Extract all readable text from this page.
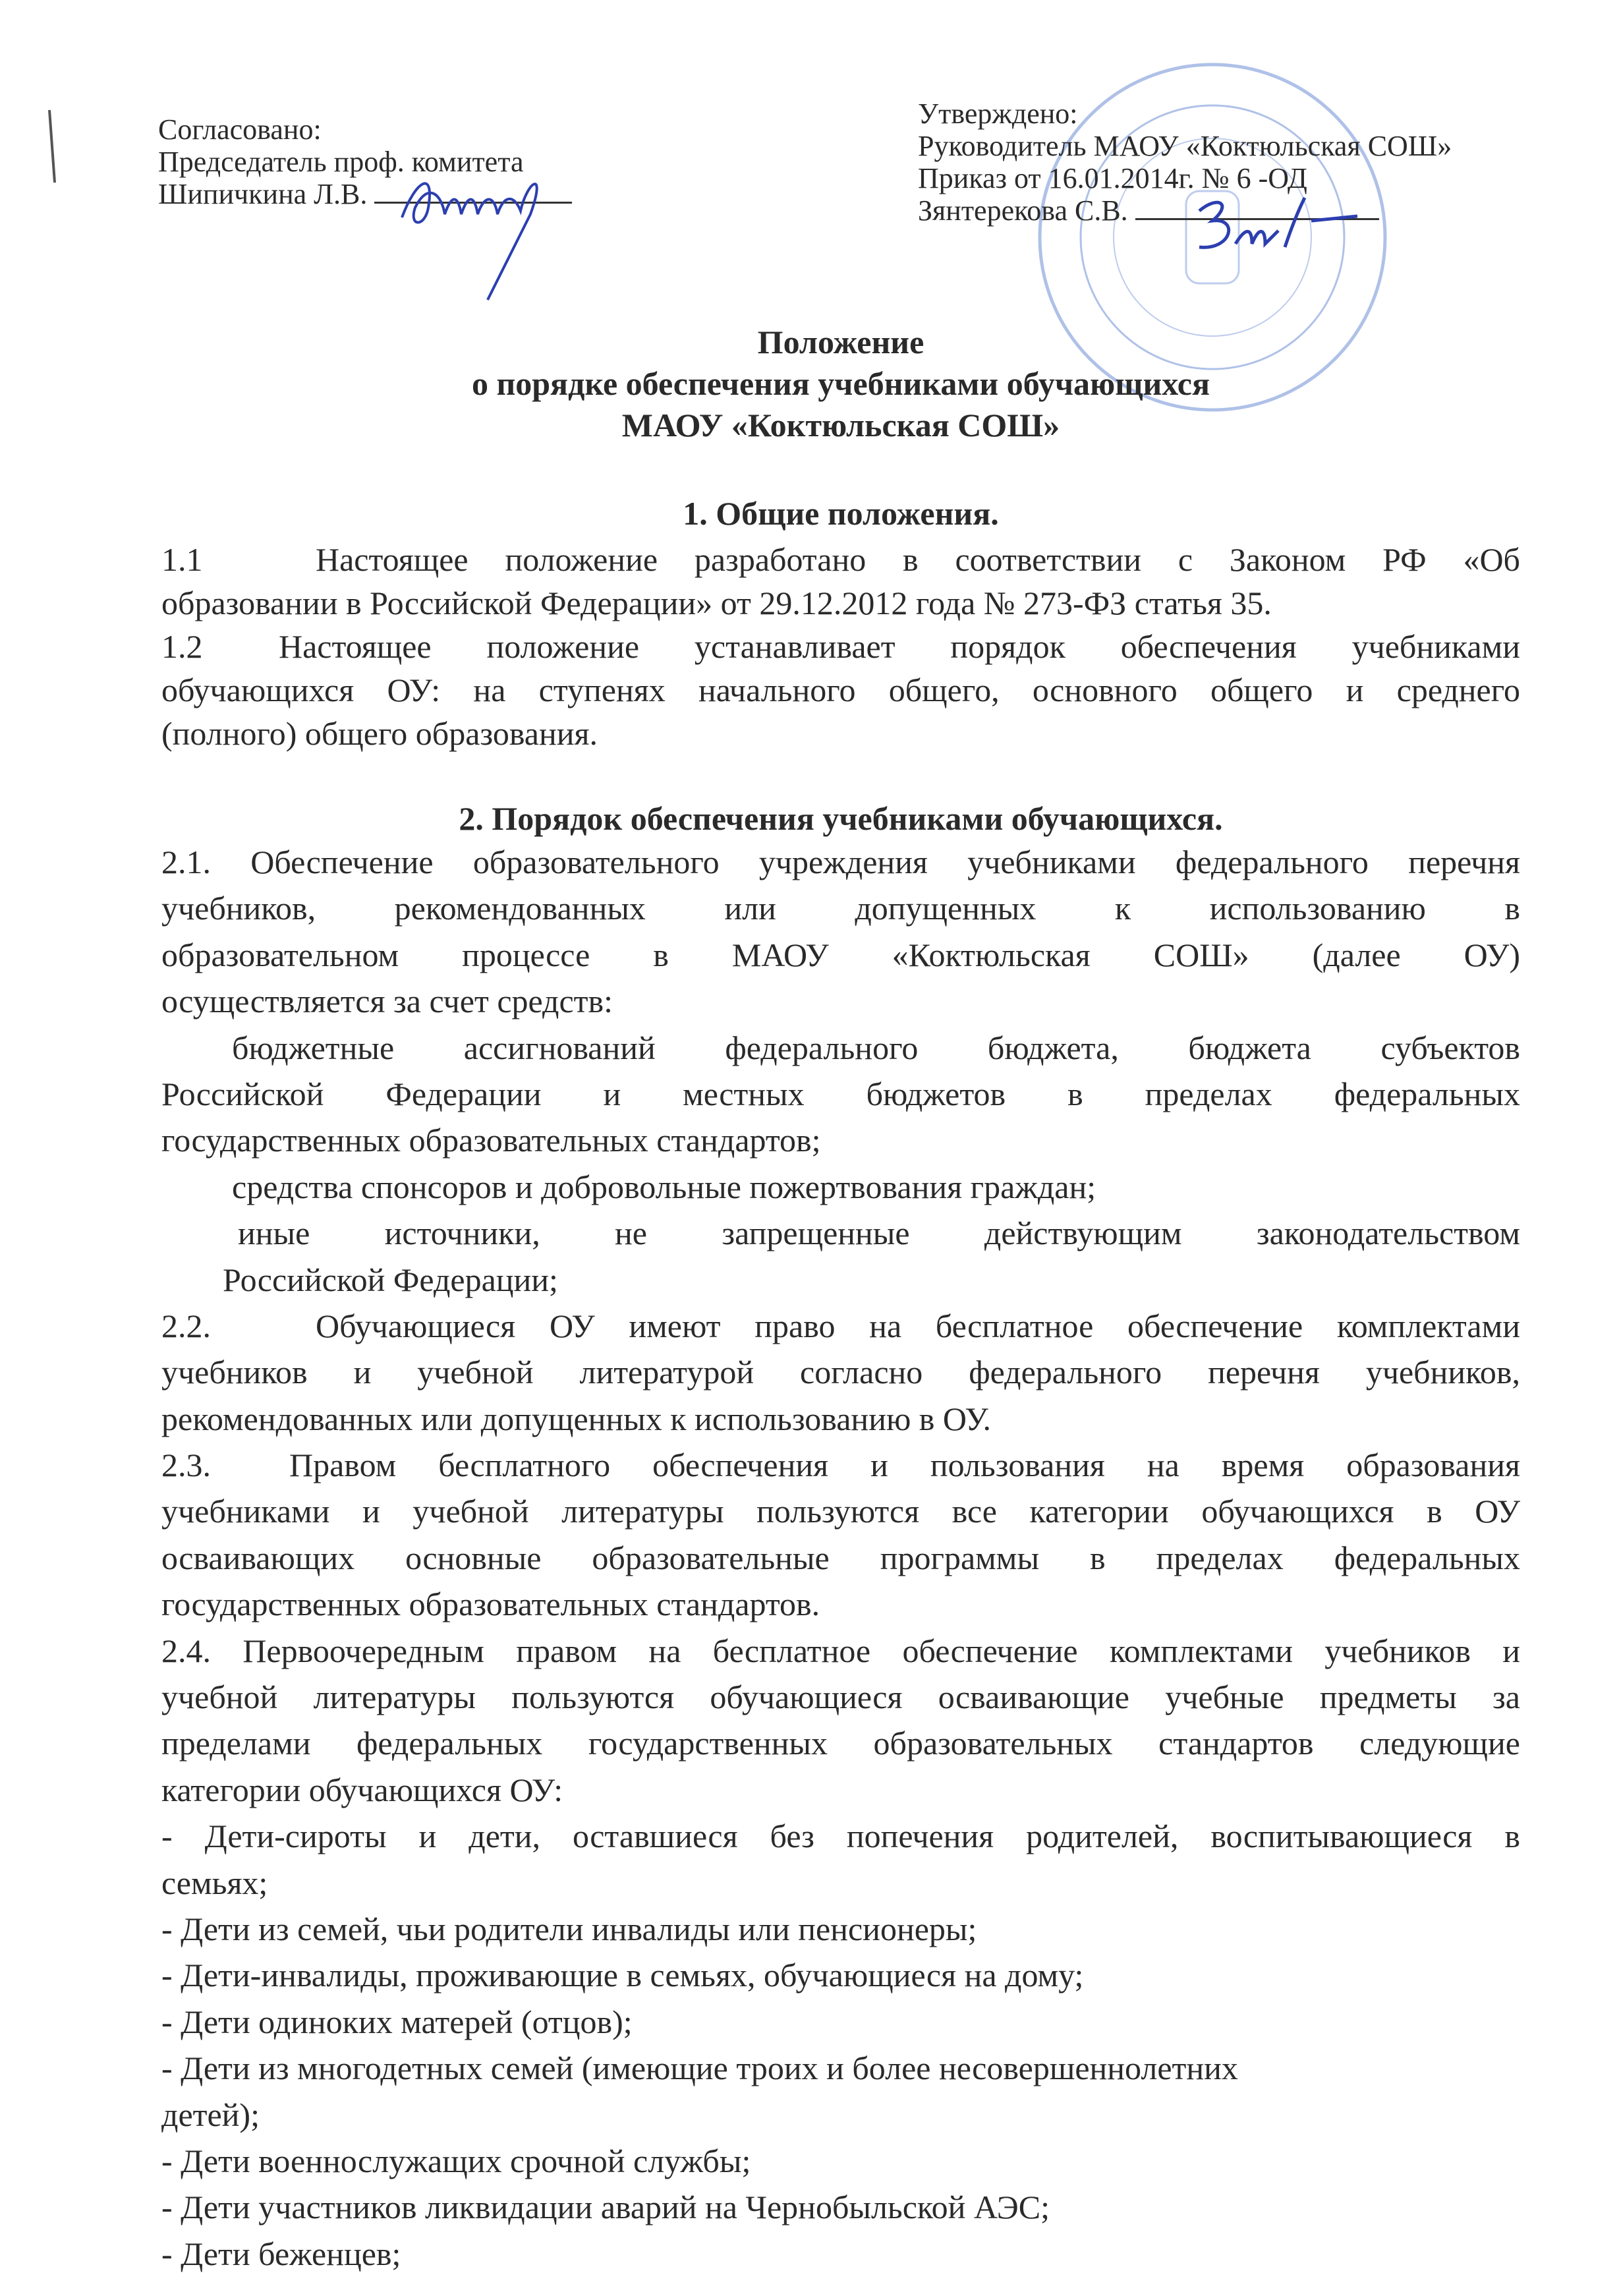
Согласовано:
Председатель проф. комитета
Шипичкина Л.В.
Утверждено:
Руководитель МАОУ «Коктюльская СОШ»
Приказ от 16.01.2014г. № 6 -ОД
Зянтерекова С.В.
Положение
о порядке обеспечения учебниками обучающихся
МАОУ «Коктюльская СОШ»
1. Общие положения.
1.1	Настоящее положение разработано в соответствии с Законом РФ «Об
образовании в Российской Федерации» от 29.12.2012 года № 273-ФЗ статья 35.
1.2 Настоящее положение устанавливает порядок обеспечения учебниками
обучающихся ОУ: на ступенях начального общего, основного общего и среднего
(полного) общего образования.
2. Порядок обеспечения учебниками обучающихся.
2.1. Обеспечение образовательного учреждения учебниками федерального перечня
учебников, рекомендованных или допущенных к использованию в
образовательном процессе в МАОУ «Коктюльская СОШ» (далее ОУ)
осуществляется за счет средств:
бюджетные ассигнований федерального бюджета, бюджета субъектов
Российской Федерации и местных бюджетов в пределах федеральных
государственных образовательных стандартов;
средства спонсоров и добровольные пожертвования граждан;
иные источники, не запрещенные действующим законодательством
Российской Федерации;
2.2.	Обучающиеся ОУ имеют право на бесплатное обеспечение комплектами
учебников и учебной литературой согласно федерального перечня учебников,
рекомендованных или допущенных к использованию в ОУ.
2.3. Правом бесплатного обеспечения и пользования на время образования
учебниками и учебной литературы пользуются все категории обучающихся в ОУ
осваивающих основные образовательные программы в пределах федеральных
государственных образовательных стандартов.
2.4. Первоочередным правом на бесплатное обеспечение комплектами учебников и
учебной литературы пользуются обучающиеся осваивающие учебные предметы за
пределами федеральных государственных образовательных стандартов следующие
категории обучающихся ОУ:
- Дети-сироты и дети, оставшиеся без попечения родителей, воспитывающиеся в
семьях;
- Дети из семей, чьи родители инвалиды или пенсионеры;
- Дети-инвалиды, проживающие в семьях, обучающиеся на дому;
- Дети одиноких матерей (отцов);
- Дети из многодетных семей (имеющие троих и более несовершеннолетних
детей);
- Дети военнослужащих срочной службы;
- Дети участников ликвидации аварий на Чернобыльской АЭС;
- Дети беженцев;
